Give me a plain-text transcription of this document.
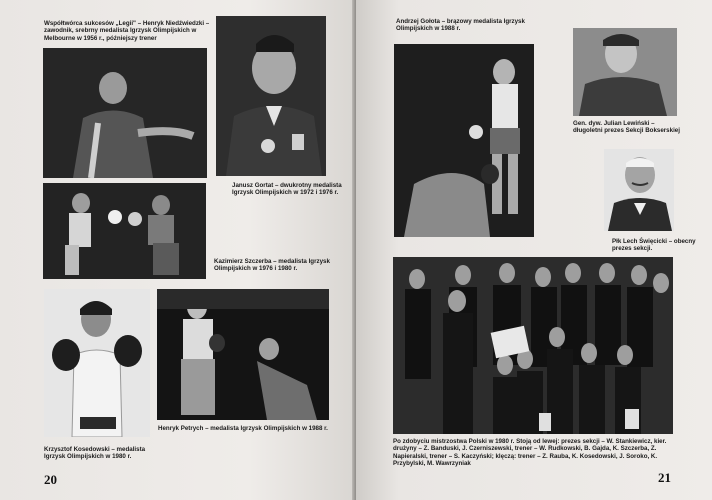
Współtwórca sukcesów „Legii" – Henryk Niedźwiedzki – zawodnik, srebrny medalista Igrzysk Olimpijskich w Melbourne w 1956 r., późniejszy trener
Janusz Gortat – dwukrotny medalista Igrzysk Olimpijskich w 1972 i 1976 r.
Kazimierz Szczerba – medalista Igrzysk Olimpijskich w 1976 i 1980 r.
Krzysztof Kosedowski – medalista Igrzysk Olimpijskich w 1980 r.
Henryk Petrych – medalista Igrzysk Olimpijskich w 1988 r.
20
Andrzej Gołota – brązowy medalista Igrzysk Olimpijskich w 1988 r.
Gen. dyw. Julian Lewiński – długoletni prezes Sekcji Bokserskiej
Płk Lech Święcicki – obecny prezes sekcji.
Po zdobyciu mistrzostwa Polski w 1980 r. Stoją od lewej: prezes sekcji – W. Stankiewicz, kier. drużyny – Z. Banduski, J. Czerniszewski, trener – W. Rudkowski, B. Gajda, K. Szczerba, Z. Napieralski, trener – S. Kaczyński; klęczą: trener – Z. Rauba, K. Kosedowski, J. Soroko, K. Przybylski, M. Wawrzyniak
21
